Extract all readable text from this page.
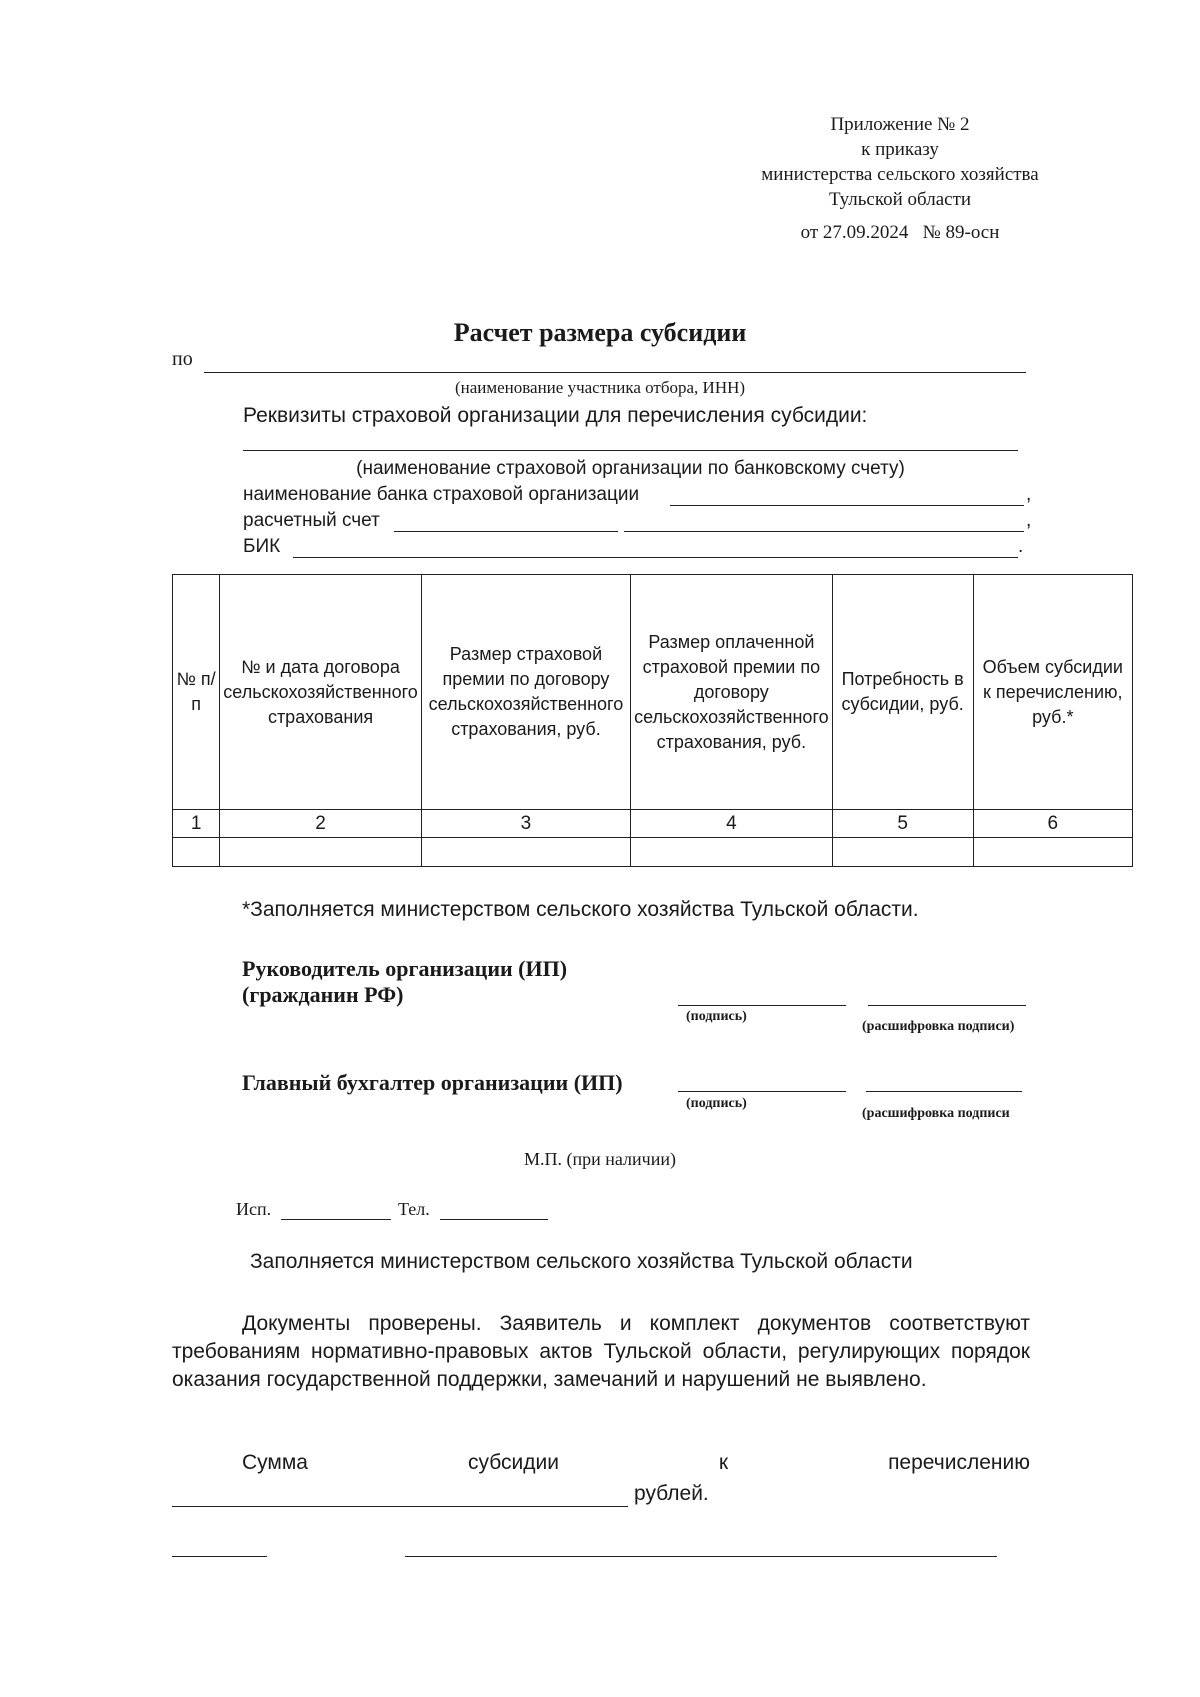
Приложение № 2
к приказу
министерства сельского хозяйства
Тульской области
от 27.09.2024   № 89-осн
Расчет размера субсидии
по
(наименование участника отбора, ИНН)
Реквизиты страховой организации для перечисления субсидии:
(наименование страховой организации по банковскому счету)
наименование банка страховой организации	,
расчетный счет	,
БИК	.
№ п/п	№ и дата договора сельскохозяйственного страхования	Размер страховой премии по договору сельскохозяйственного страхования, руб.	Размер оплаченной страховой премии по договору сельскохозяйственного страхования, руб.	Потребность в субсидии, руб.	Объем субсидии к перечислению, руб.*
1	2	3	4	5	6

*Заполняется министерством сельского хозяйства Тульской области.
Руководитель организации (ИП)
(гражданин РФ)
(подпись)
(расшифровка подписи)
Главный бухгалтер организации (ИП)
(подпись)
(расшифровка подписи
М.П. (при наличии)
Исп.	Тел.
Заполняется министерством сельского хозяйства Тульской области
Документы проверены. Заявитель и комплект документов соответствуют требованиям нормативно-правовых актов Тульской области, регулирующих порядок оказания государственной поддержки, замечаний и нарушений не выявлено.
Сумма	субсидии	к	перечислению
рублей.
